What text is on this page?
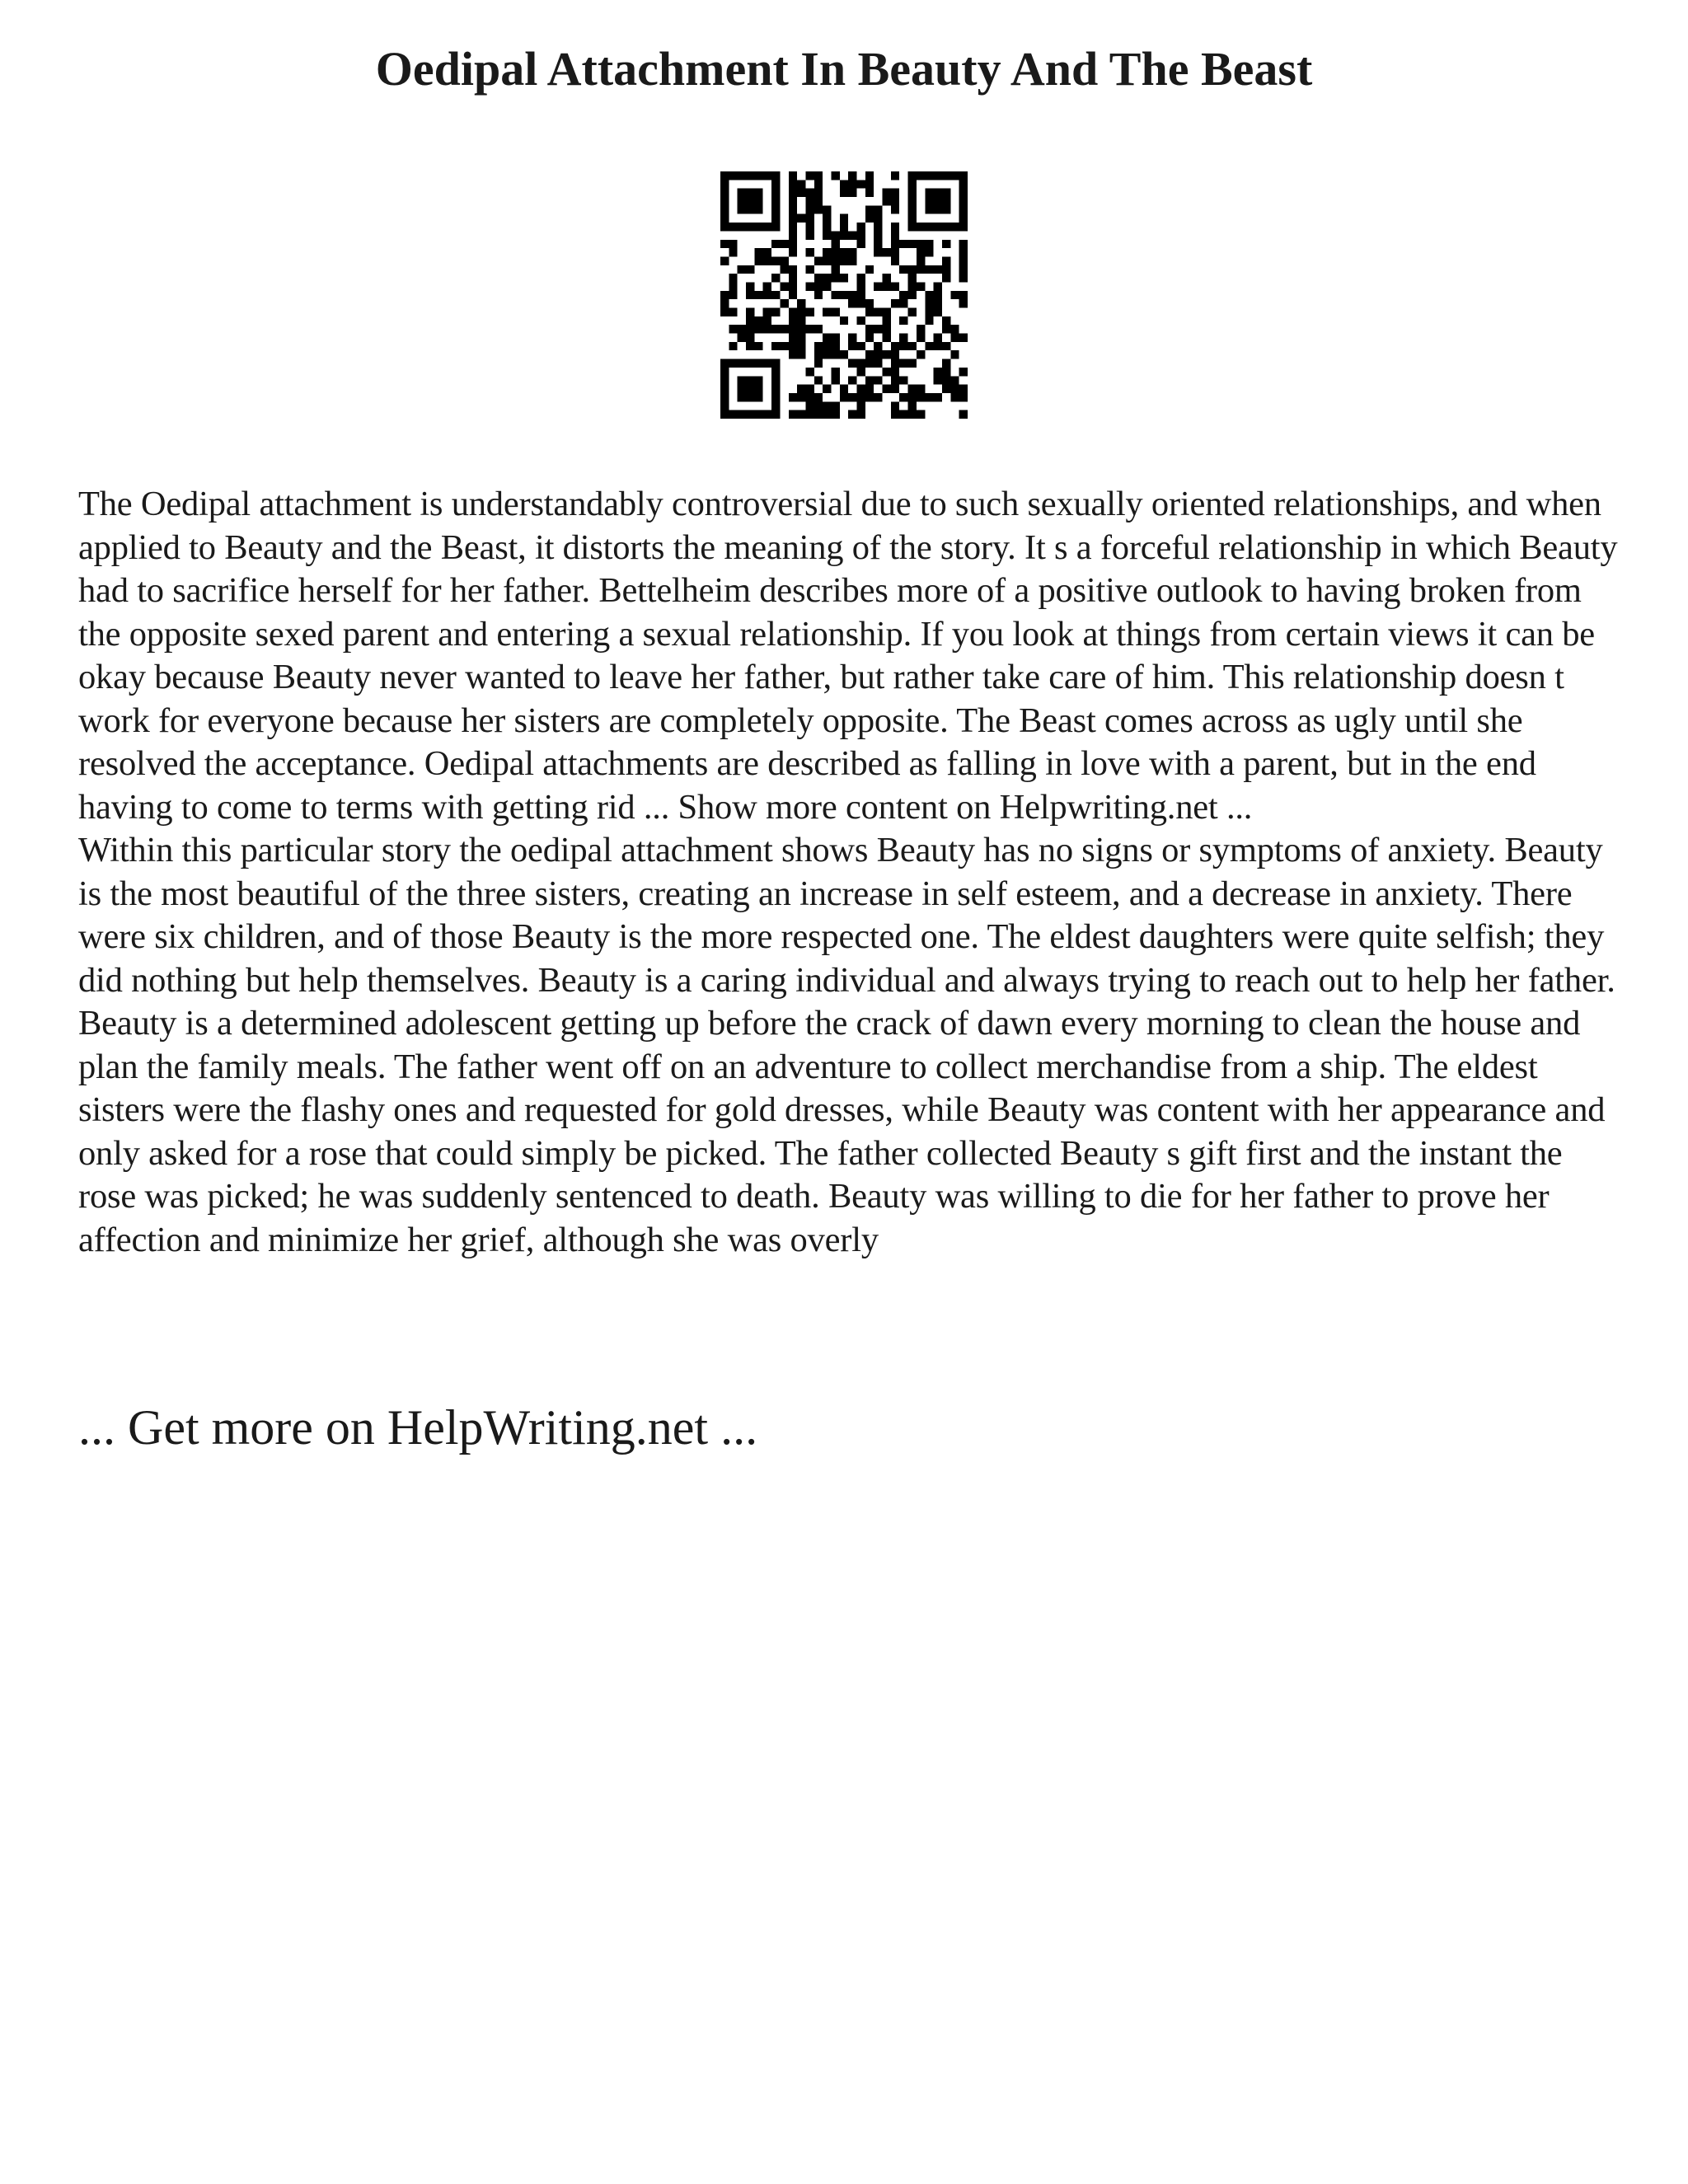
Oedipal Attachment In Beauty And The Beast

The Oedipal attachment is understandably controversial due to such sexually oriented relationships, and when applied to Beauty and the Beast, it distorts the meaning of the story. It s a forceful relationship in which Beauty had to sacrifice herself for her father. Bettelheim describes more of a positive outlook to having broken from the opposite sexed parent and entering a sexual relationship. If you look at things from certain views it can be okay because Beauty never wanted to leave her father, but rather take care of him. This relationship doesn t work for everyone because her sisters are completely opposite. The Beast comes across as ugly until she resolved the acceptance. Oedipal attachments are described as falling in love with a parent, but in the end having to come to terms with getting rid ... Show more content on Helpwriting.net ...

Within this particular story the oedipal attachment shows Beauty has no signs or symptoms of anxiety. Beauty is the most beautiful of the three sisters, creating an increase in self esteem, and a decrease in anxiety. There were six children, and of those Beauty is the more respected one. The eldest daughters were quite selfish; they did nothing but help themselves. Beauty is a caring individual and always trying to reach out to help her father. Beauty is a determined adolescent getting up before the crack of dawn every morning to clean the house and plan the family meals. The father went off on an adventure to collect merchandise from a ship. The eldest sisters were the flashy ones and requested for gold dresses, while Beauty was content with her appearance and only asked for a rose that could simply be picked. The father collected Beauty s gift first and the instant the rose was picked; he was suddenly sentenced to death. Beauty was willing to die for her father to prove her affection and minimize her grief, although she was overly

... Get more on HelpWriting.net ...
